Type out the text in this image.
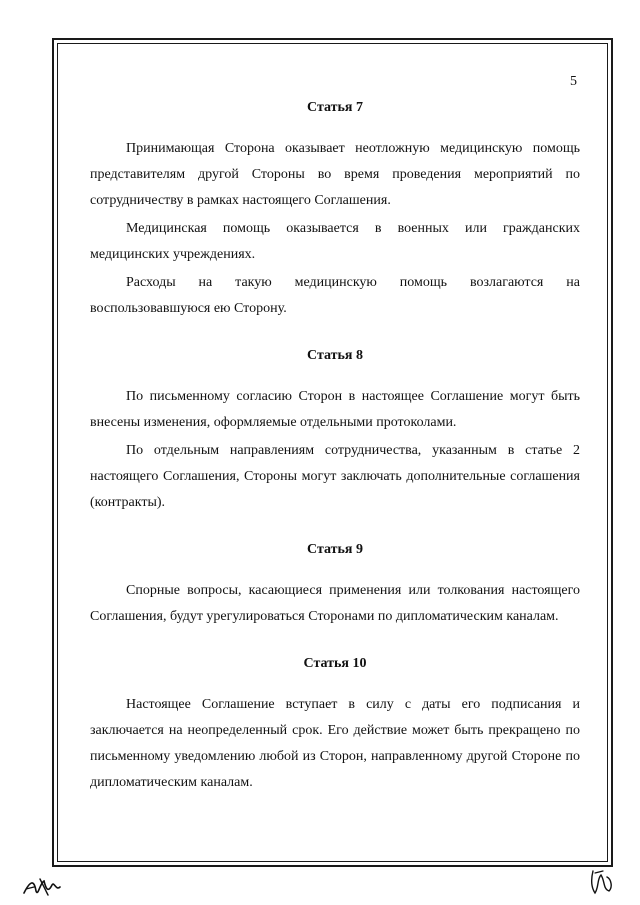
5
Статья 7

Принимающая Сторона оказывает неотложную медицинскую помощь представителям другой Стороны во время проведения мероприятий по сотрудничеству в рамках настоящего Соглашения.

Медицинская помощь оказывается в военных или гражданских медицинских учреждениях.

Расходы на такую медицинскую помощь возлагаются на воспользовавшуюся ею Сторону.

Статья 8

По письменному согласию Сторон в настоящее Соглашение могут быть внесены изменения, оформляемые отдельными протоколами.

По отдельным направлениям сотрудничества, указанным в статье 2 настоящего Соглашения, Стороны могут заключать дополнительные соглашения (контракты).

Статья 9

Спорные вопросы, касающиеся применения или толкования настоящего Соглашения, будут урегулироваться Сторонами по дипломатическим каналам.

Статья 10

Настоящее Соглашение вступает в силу с даты его подписания и заключается на неопределенный срок. Его действие может быть прекращено по письменному уведомлению любой из Сторон, направленному другой Стороне по дипломатическим каналам.
